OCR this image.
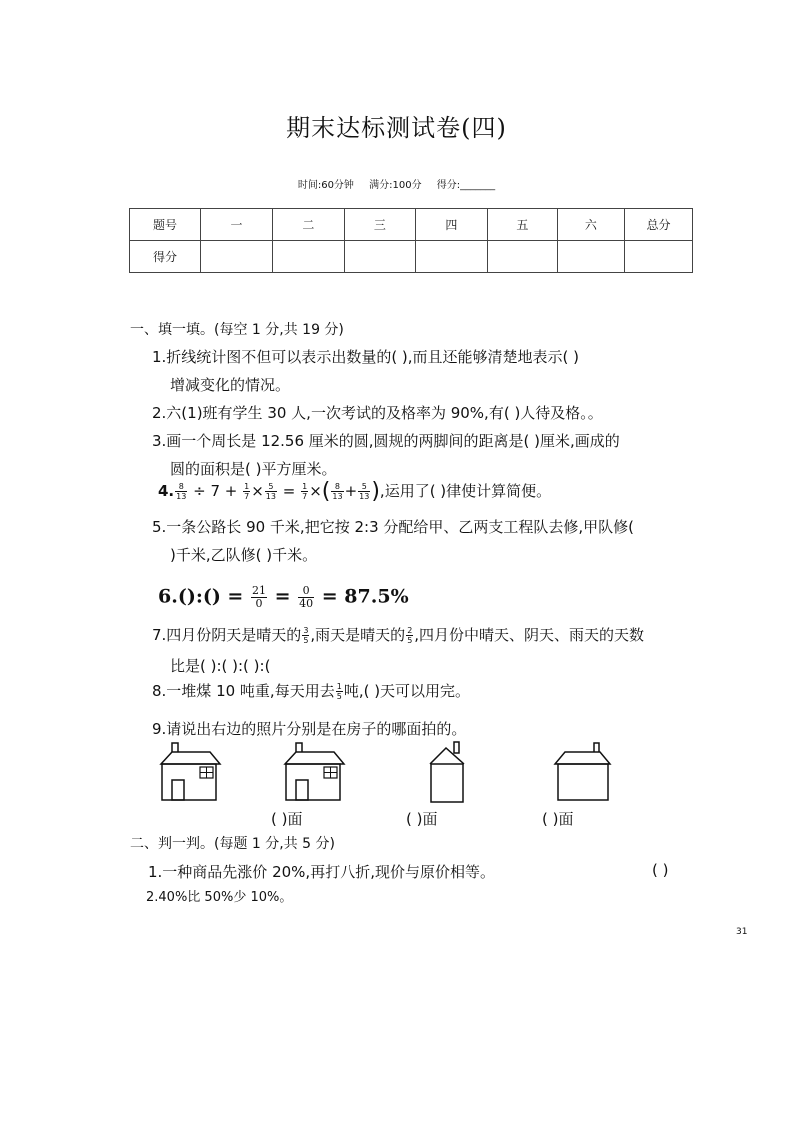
期末达标测试卷(四)
时间:60分钟 满分:100分 得分:_______
题号	一	二	三	四	五	六	总分
得分							
一、填一填。(每空 1 分,共 19 分)
1.折线统计图不但可以表示出数量的( ),而且还能够清楚地表示( )
增减变化的情况。
2.六(1)班有学生 30 人,一次考试的及格率为 90%,有( )人待及格。。
3.画一个周长是 12.56 厘米的圆,圆规的两脚间的距离是( )厘米,画成的
圆的面积是( )平方厘米。
4. $\frac{8}{13} \div 7 + \frac{1}{7} \times \frac{5}{13} = \frac{1}{7}$ ×( $\frac{8}{13} + \frac{5}{13}$ ),运用了( )律使计算简便。
5.一条公路长 90 千米,把它按 2:3 分配给甲、乙两支工程队去修,甲队修(
)千米,乙队修( )千米。
6.():() = $\frac{21}{0} = \frac{0}{40} = 87.5\%$
7.四月份阴天是晴天的 $\frac{3}{5}$ ,雨天是晴天的 $\frac{2}{5}$ ,四月份中晴天、阴天、雨天的天数
比是( ):( ):( ):(
8.一堆煤 10 吨重,每天用去 $\frac{1}{5}$ 吨,( )天可以用完。
9.请说出右边的照片分别是在房子的哪面拍的。
( )面	( )面	( )面
二、判一判。(每题 1 分,共 5 分)
1.一种商品先涨价 20%,再打八折,现价与原价相等。	( )
2.40%比 50%少 10%。
31
